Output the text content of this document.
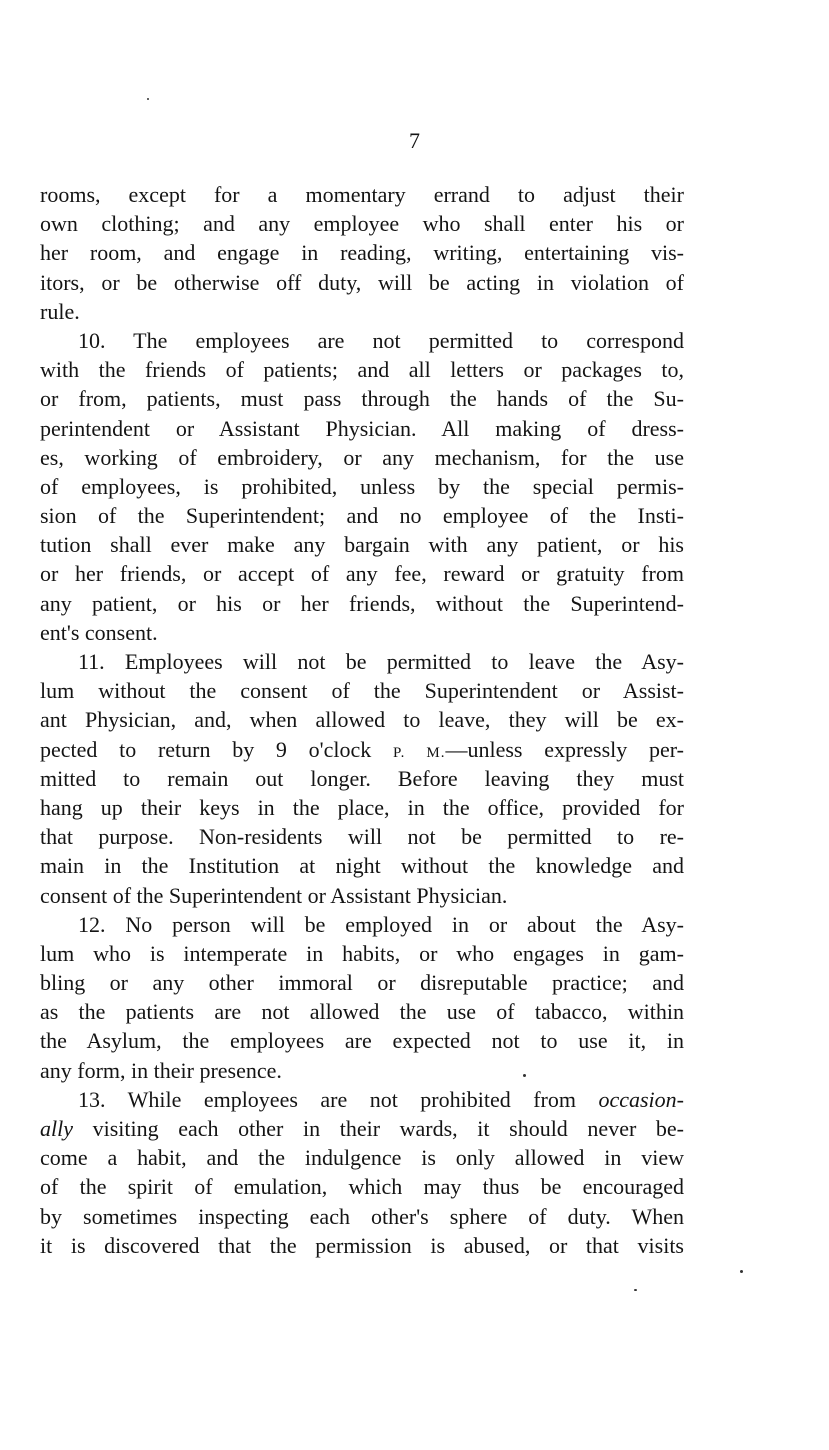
7
rooms, except for a momentary errand to adjust their
own clothing; and any employee who shall enter his or
her room, and engage in reading, writing, entertaining vis-
itors, or be otherwise off duty, will be acting in violation of
rule.
10. The employees are not permitted to correspond
with the friends of patients; and all letters or packages to,
or from, patients, must pass through the hands of the Su-
perintendent or Assistant Physician. All making of dress-
es, working of embroidery, or any mechanism, for the use
of employees, is prohibited, unless by the special permis-
sion of the Superintendent; and no employee of the Insti-
tution shall ever make any bargain with any patient, or his
or her friends, or accept of any fee, reward or gratuity from
any patient, or his or her friends, without the Superintend-
ent's consent.
11. Employees will not be permitted to leave the Asy-
lum without the consent of the Superintendent or Assist-
ant Physician, and, when allowed to leave, they will be ex-
pected to return by 9 o'clock P. M.—unless expressly per-
mitted to remain out longer. Before leaving they must
hang up their keys in the place, in the office, provided for
that purpose. Non-residents will not be permitted to re-
main in the Institution at night without the knowledge and
consent of the Superintendent or Assistant Physician.
12. No person will be employed in or about the Asy-
lum who is intemperate in habits, or who engages in gam-
bling or any other immoral or disreputable practice; and
as the patients are not allowed the use of tabacco, within
the Asylum, the employees are expected not to use it, in
any form, in their presence.
13. While employees are not prohibited from occasion-
ally visiting each other in their wards, it should never be-
come a habit, and the indulgence is only allowed in view
of the spirit of emulation, which may thus be encouraged
by sometimes inspecting each other's sphere of duty. When
it is discovered that the permission is abused, or that visits
